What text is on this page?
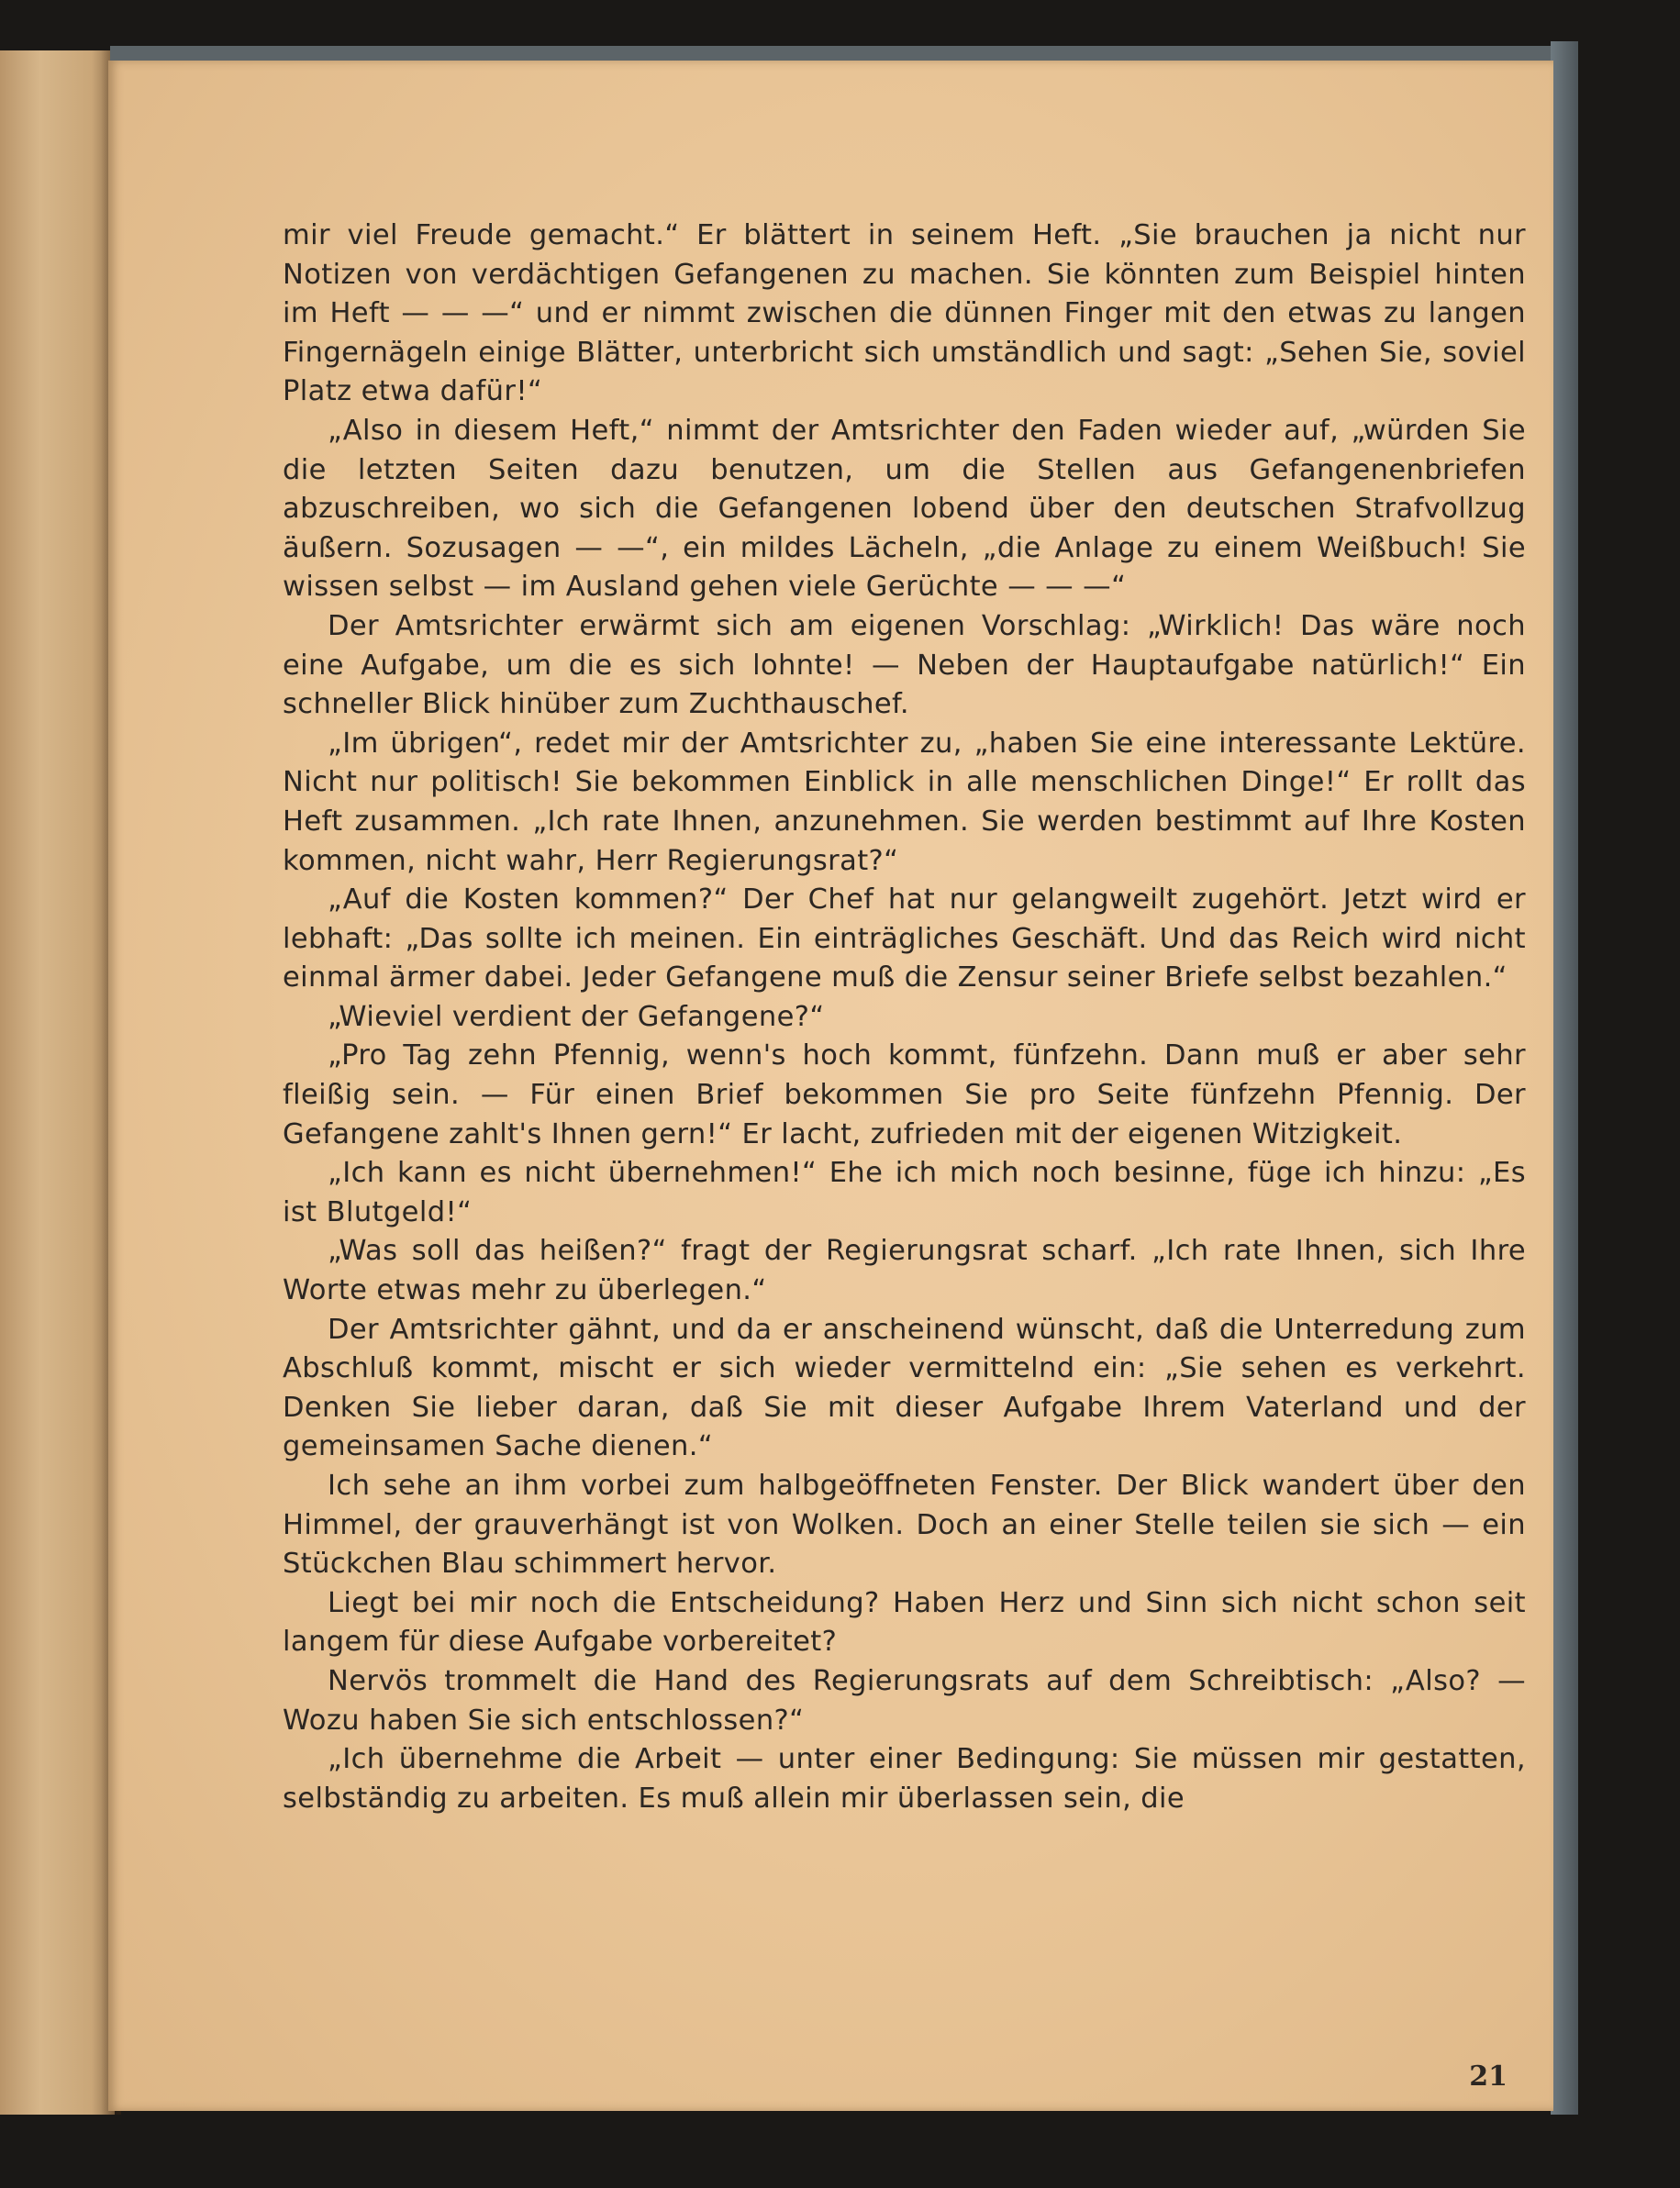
mir viel Freude gemacht.“ Er blättert in seinem Heft. „Sie brauchen ja nicht nur Notizen von verdächtigen Gefangenen zu machen. Sie könnten zum Beispiel hinten im Heft — — —“ und er nimmt zwischen die dünnen Finger mit den etwas zu langen Fingernägeln einige Blätter, unterbricht sich umständlich und sagt: „Sehen Sie, soviel Platz etwa dafür!“

„Also in diesem Heft,“ nimmt der Amtsrichter den Faden wieder auf, „würden Sie die letzten Seiten dazu benutzen, um die Stellen aus Gefangenenbriefen abzuschreiben, wo sich die Gefangenen lobend über den deutschen Strafvollzug äußern. Sozusagen — —“, ein mildes Lächeln, „die Anlage zu einem Weißbuch! Sie wissen selbst — im Ausland gehen viele Gerüchte — — —“

Der Amtsrichter erwärmt sich am eigenen Vorschlag: „Wirklich! Das wäre noch eine Aufgabe, um die es sich lohnte! — Neben der Hauptaufgabe natürlich!“ Ein schneller Blick hinüber zum Zuchthauschef.

„Im übrigen“, redet mir der Amtsrichter zu, „haben Sie eine interessante Lektüre. Nicht nur politisch! Sie bekommen Einblick in alle menschlichen Dinge!“ Er rollt das Heft zusammen. „Ich rate Ihnen, anzunehmen. Sie werden bestimmt auf Ihre Kosten kommen, nicht wahr, Herr Regierungsrat?“

„Auf die Kosten kommen?“ Der Chef hat nur gelangweilt zugehört. Jetzt wird er lebhaft: „Das sollte ich meinen. Ein einträgliches Geschäft. Und das Reich wird nicht einmal ärmer dabei. Jeder Gefangene muß die Zensur seiner Briefe selbst bezahlen.“

„Wieviel verdient der Gefangene?“

„Pro Tag zehn Pfennig, wenn's hoch kommt, fünfzehn. Dann muß er aber sehr fleißig sein. — Für einen Brief bekommen Sie pro Seite fünfzehn Pfennig. Der Gefangene zahlt's Ihnen gern!“ Er lacht, zufrieden mit der eigenen Witzigkeit.

„Ich kann es nicht übernehmen!“ Ehe ich mich noch besinne, füge ich hinzu: „Es ist Blutgeld!“

„Was soll das heißen?“ fragt der Regierungsrat scharf. „Ich rate Ihnen, sich Ihre Worte etwas mehr zu überlegen.“

Der Amtsrichter gähnt, und da er anscheinend wünscht, daß die Unterredung zum Abschluß kommt, mischt er sich wieder vermittelnd ein: „Sie sehen es verkehrt. Denken Sie lieber daran, daß Sie mit dieser Aufgabe Ihrem Vaterland und der gemeinsamen Sache dienen.“

Ich sehe an ihm vorbei zum halbgeöffneten Fenster. Der Blick wandert über den Himmel, der grauverhängt ist von Wolken. Doch an einer Stelle teilen sie sich — ein Stückchen Blau schimmert hervor.

Liegt bei mir noch die Entscheidung? Haben Herz und Sinn sich nicht schon seit langem für diese Aufgabe vorbereitet?

Nervös trommelt die Hand des Regierungsrats auf dem Schreibtisch: „Also? — Wozu haben Sie sich entschlossen?“

„Ich übernehme die Arbeit — unter einer Bedingung: Sie müssen mir gestatten, selbständig zu arbeiten. Es muß allein mir überlassen sein, die

21
